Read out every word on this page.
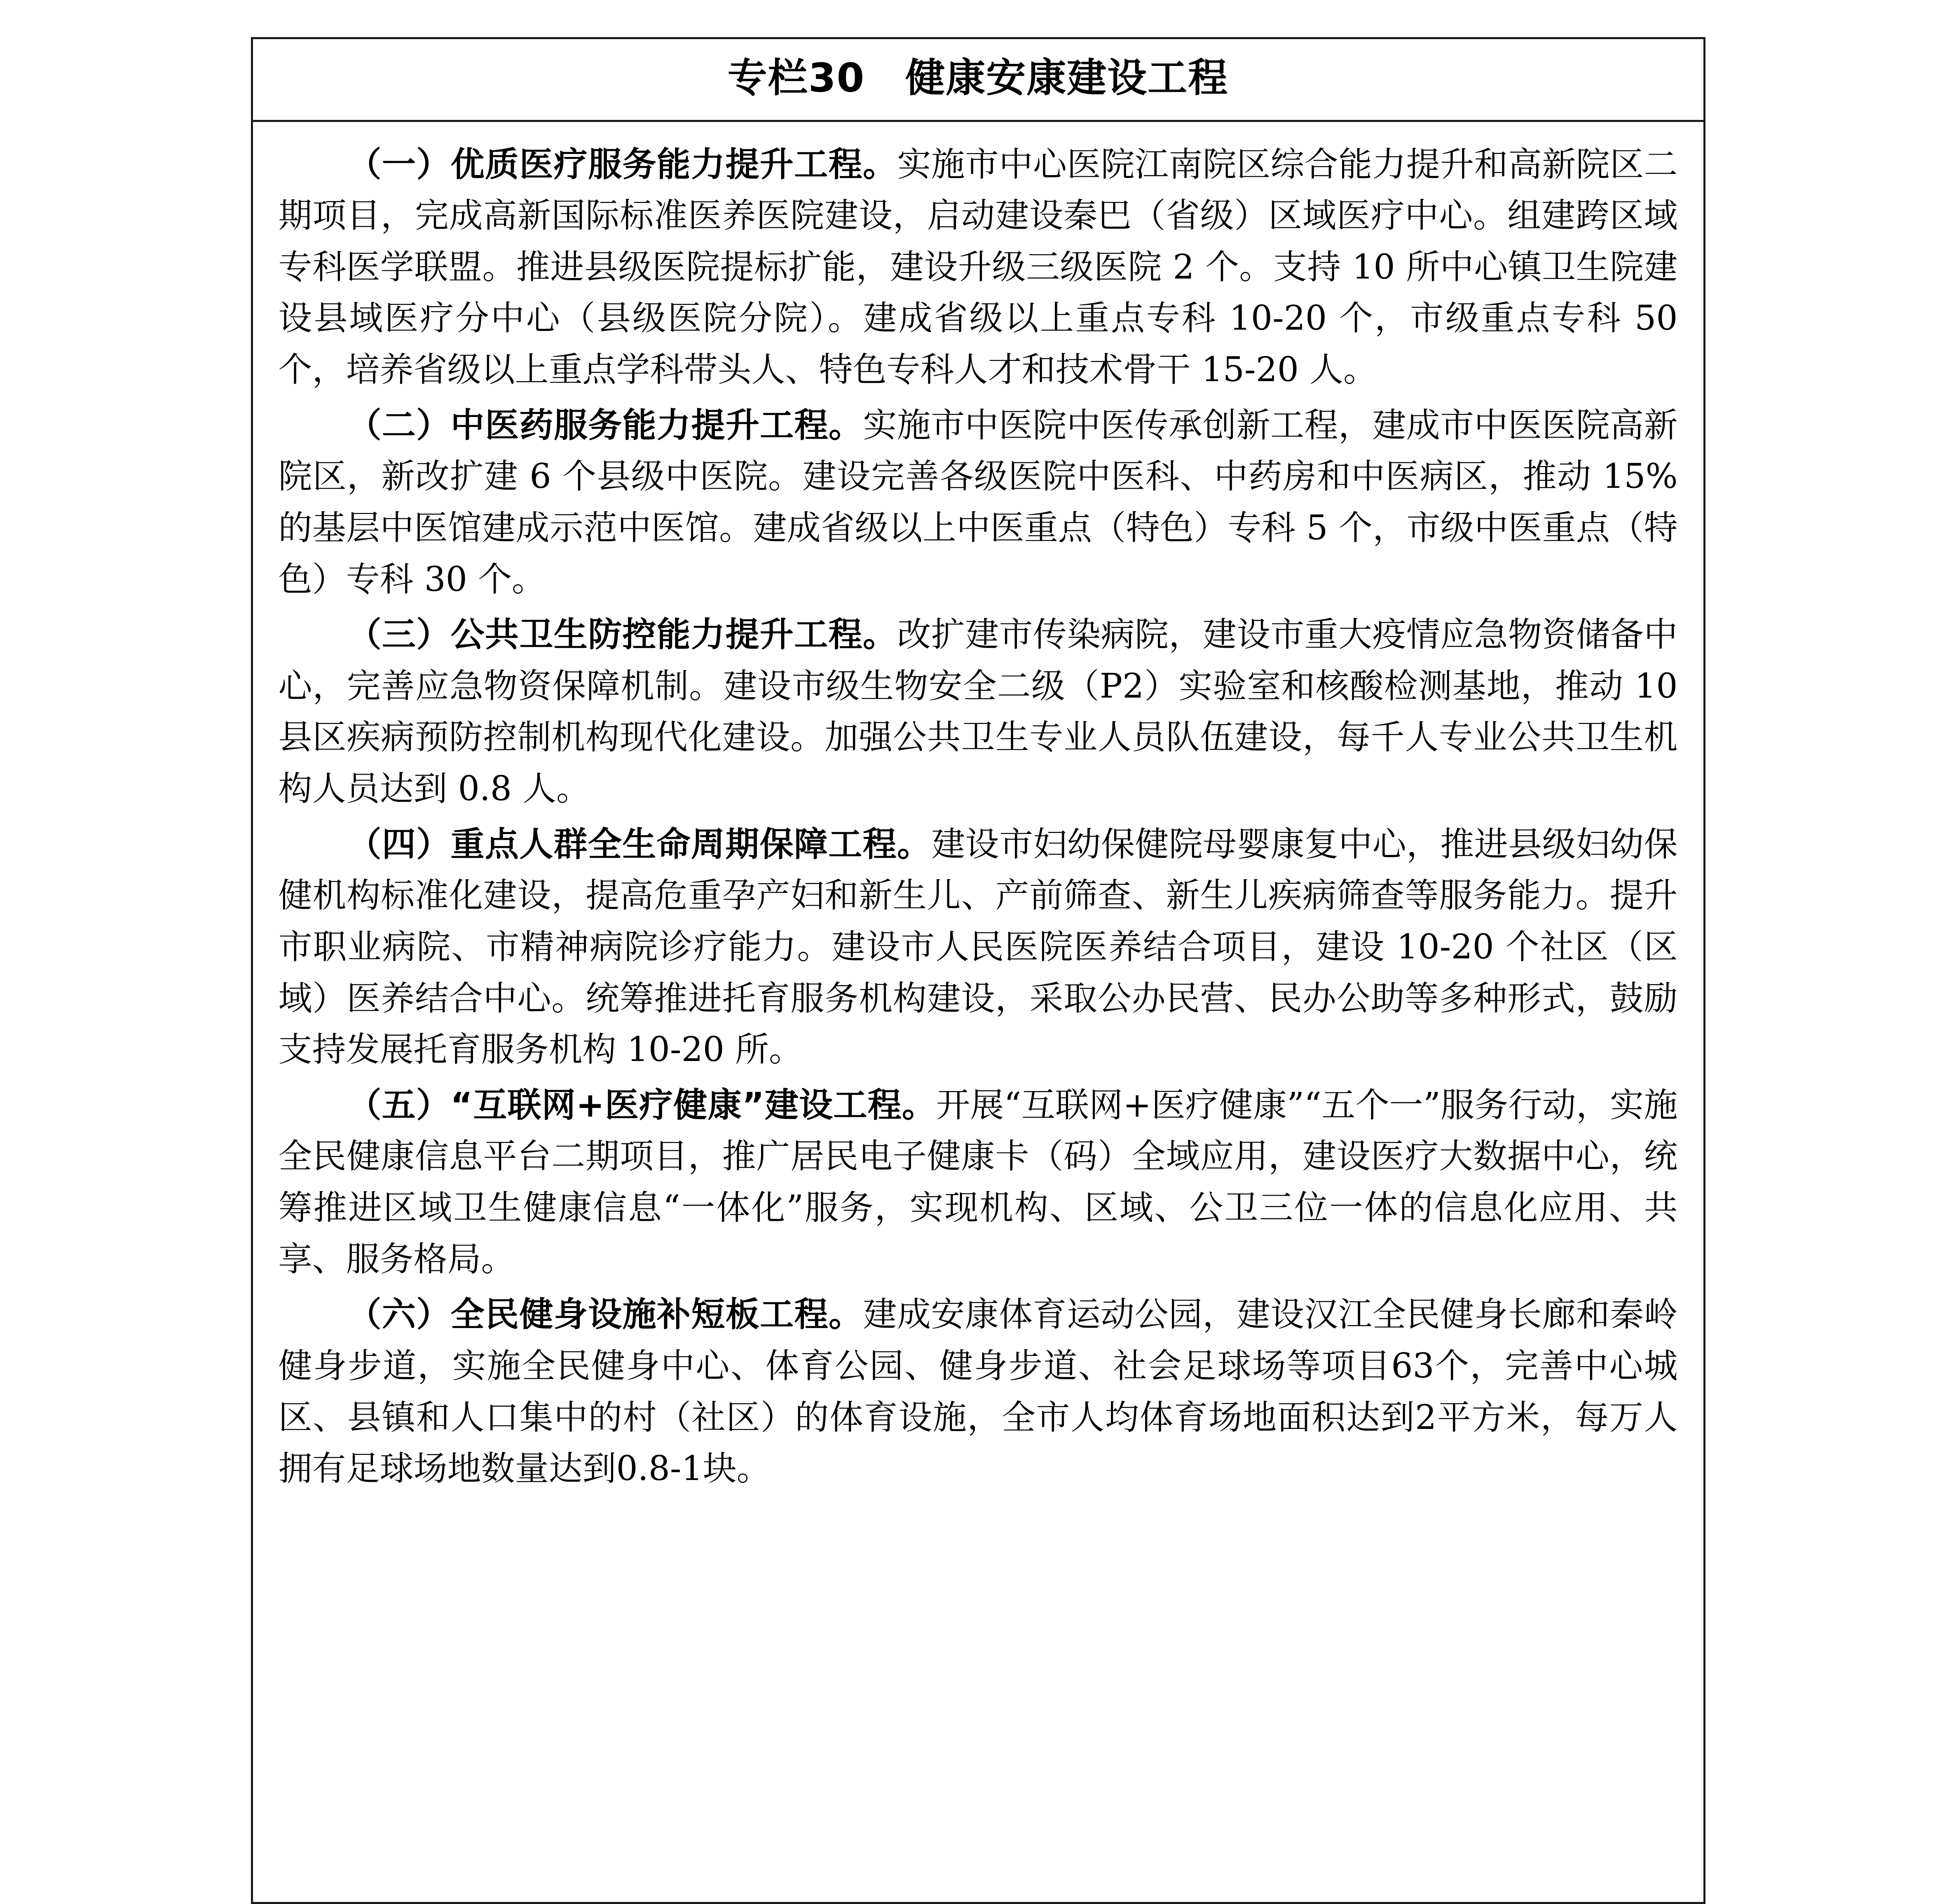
专栏30　健康安康建设工程

（一）优质医疗服务能力提升工程。实施市中心医院江南院区综合能力提升和高新院区二期项目，完成高新国际标准医养医院建设，启动建设秦巴（省级）区域医疗中心。组建跨区域专科医学联盟。推进县级医院提标扩能，建设升级三级医院 2 个。支持 10 所中心镇卫生院建设县域医疗分中心（县级医院分院）。建成省级以上重点专科 10-20 个，市级重点专科 50 个，培养省级以上重点学科带头人、特色专科人才和技术骨干 15-20 人。

（二）中医药服务能力提升工程。实施市中医院中医传承创新工程，建成市中医医院高新院区，新改扩建 6 个县级中医院。建设完善各级医院中医科、中药房和中医病区，推动 15%的基层中医馆建成示范中医馆。建成省级以上中医重点（特色）专科 5 个，市级中医重点（特色）专科 30 个。

（三）公共卫生防控能力提升工程。改扩建市传染病院，建设市重大疫情应急物资储备中心，完善应急物资保障机制。建设市级生物安全二级（P2）实验室和核酸检测基地，推动 10 县区疾病预防控制机构现代化建设。加强公共卫生专业人员队伍建设，每千人专业公共卫生机构人员达到 0.8 人。

（四）重点人群全生命周期保障工程。建设市妇幼保健院母婴康复中心，推进县级妇幼保健机构标准化建设，提高危重孕产妇和新生儿、产前筛查、新生儿疾病筛查等服务能力。提升市职业病院、市精神病院诊疗能力。建设市人民医院医养结合项目，建设 10-20 个社区（区域）医养结合中心。统筹推进托育服务机构建设，采取公办民营、民办公助等多种形式，鼓励支持发展托育服务机构 10-20 所。

（五）“互联网+医疗健康”建设工程。开展“互联网+医疗健康”“五个一”服务行动，实施全民健康信息平台二期项目，推广居民电子健康卡（码）全域应用，建设医疗大数据中心，统筹推进区域卫生健康信息“一体化”服务，实现机构、区域、公卫三位一体的信息化应用、共享、服务格局。

（六）全民健身设施补短板工程。建成安康体育运动公园，建设汉江全民健身长廊和秦岭健身步道，实施全民健身中心、体育公园、健身步道、社会足球场等项目63个，完善中心城区、县镇和人口集中的村（社区）的体育设施，全市人均体育场地面积达到2平方米，每万人拥有足球场地数量达到0.8-1块。
